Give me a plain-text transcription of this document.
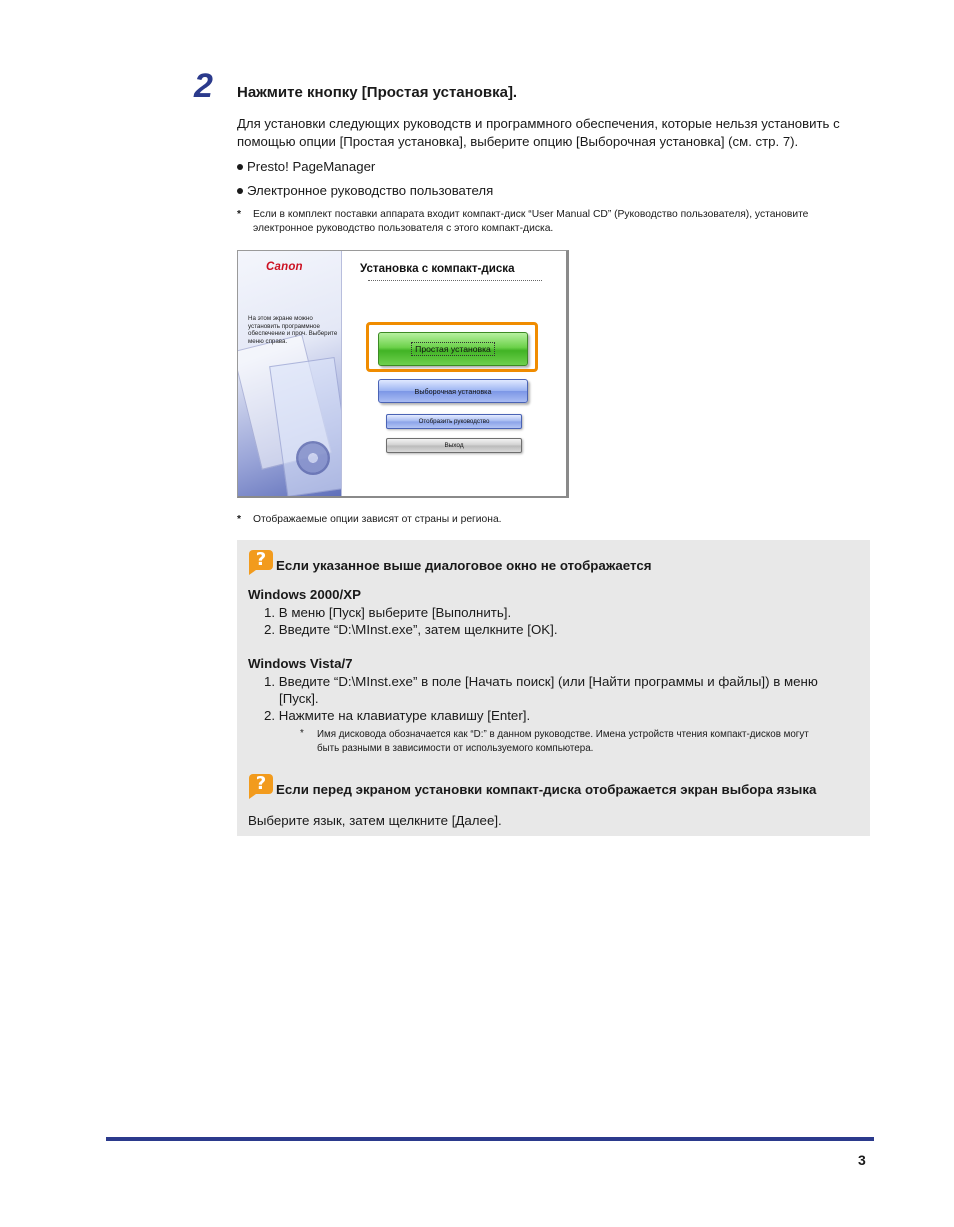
2 Нажмите кнопку [Простая установка].
Для установки следующих руководств и программного обеспечения, которые нельзя установить с
помощью опции [Простая установка], выберите опцию [Выборочная установка] (см. стр. 7).
Presto! PageManager
Электронное руководство пользователя
* Если в комплект поставки аппарата входит компакт-диск “User Manual CD” (Руководство пользователя), установите
электронное руководство пользователя с этого компакт-диска.
На этом экране можно установить программное обеспечение и проч. Выберите меню справа.
Canon	Установка с компакт-диска
Простая установка
Выборочная установка
Отобразить руководство
Выход
* Отображаемые опции зависят от страны и региона.
? Если указанное выше диалоговое окно не отображается
Windows 2000/XP
1. В меню [Пуск] выберите [Выполнить].
2. Введите “D:\MInst.exe”, затем щелкните [OK].
Windows Vista/7
1. Введите “D:\MInst.exe” в поле [Начать поиск] (или [Найти программы и файлы]) в меню
[Пуск].
2. Нажмите на клавиатуре клавишу [Enter].
* Имя дисковода обозначается как “D:” в данном руководстве. Имена устройств чтения компакт-дисков могут
быть разными в зависимости от используемого компьютера.
? Если перед экраном установки компакт-диска отображается экран выбора языка
Выберите язык, затем щелкните [Далее].
3
